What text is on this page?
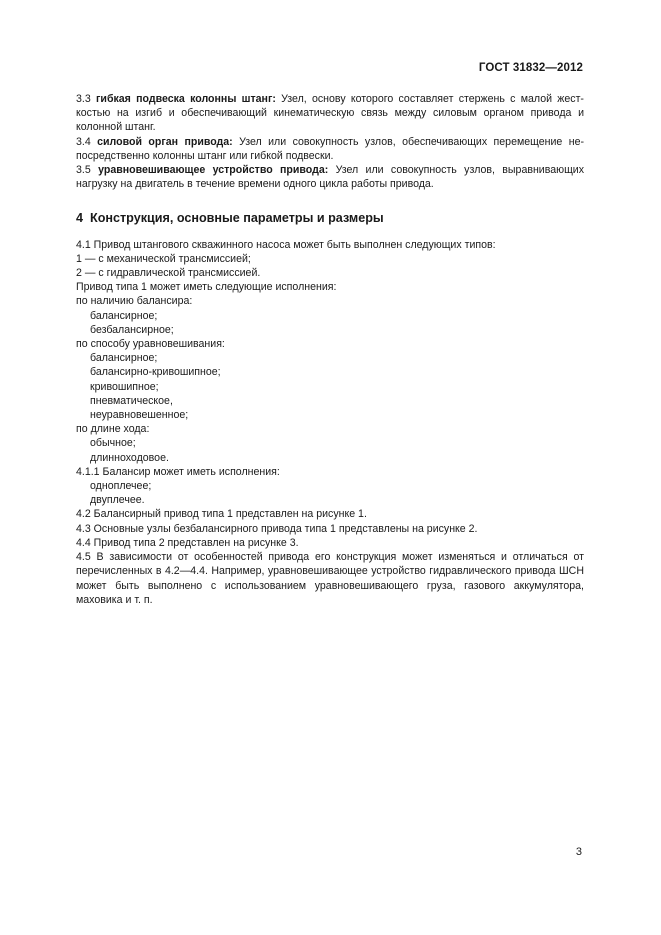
ГОСТ 31832—2012

3.3 гибкая подвеска колонны штанг: Узел, основу которого составляет стержень с малой жест-костью на изгиб и обеспечивающий кинематическую связь между силовым органом привода и колонной штанг.

3.4 силовой орган привода: Узел или совокупность узлов, обеспечивающих перемещение не-посредственно колонны штанг или гибкой подвески.

3.5 уравновешивающее устройство привода: Узел или совокупность узлов, выравнивающих нагрузку на двигатель в течение времени одного цикла работы привода.

4 Конструкция, основные параметры и размеры
4.1 Привод штангового скважинного насоса может быть выполнен следующих типов:
1 — с механической трансмиссией;
2 — с гидравлической трансмиссией.
Привод типа 1 может иметь следующие исполнения:
по наличию балансира:
балансирное;
безбалансирное;
по способу уравновешивания:
балансирное;
балансирно-кривошипное;
кривошипное;
пневматическое,
неуравновешенное;
по длине хода:
обычное;
длинноходовое.
4.1.1 Балансир может иметь исполнения:
одноплечее;
двуплечее.
4.2 Балансирный привод типа 1 представлен на рисунке 1.
4.3 Основные узлы безбалансирного привода типа 1 представлены на рисунке 2.
4.4 Привод типа 2 представлен на рисунке 3.

4.5 В зависимости от особенностей привода его конструкция может изменяться и отличаться от перечисленных в 4.2—4.4. Например, уравновешивающее устройство гидравлического привода ШСН может быть выполнено с использованием уравновешивающего груза, газового аккумулятора, маховика и т. п.

3
